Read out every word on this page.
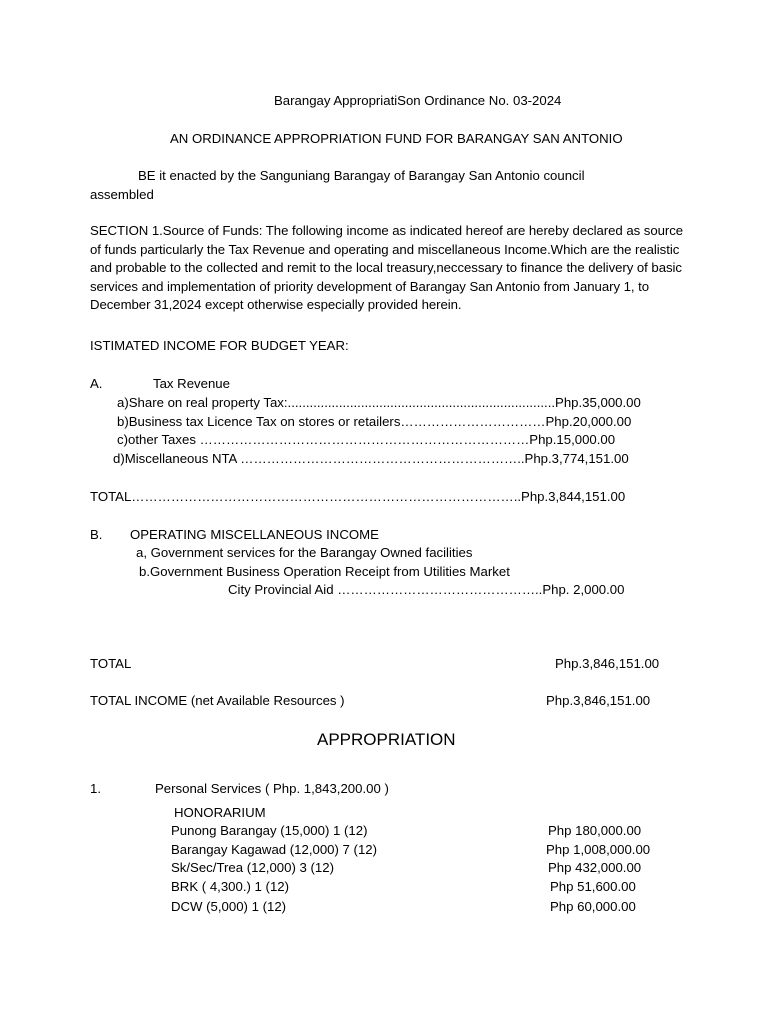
Barangay AppropriatiSon Ordinance No. 03-2024
AN ORDINANCE APPROPRIATION FUND FOR BARANGAY SAN ANTONIO
BE it enacted by the Sanguniang Barangay of Barangay San Antonio council assembled
SECTION 1.Source of Funds: The following income as indicated hereof are hereby declared as source of funds particularly the Tax Revenue and operating and miscellaneous Income.Which are the realistic and probable to the collected and remit to the local treasury,neccessary to finance the delivery of basic services and implementation of priority development of Barangay San Antonio from January 1, to December 31,2024 except otherwise especially provided herein.
ISTIMATED INCOME FOR BUDGET YEAR:
A.	Tax Revenue
a)Share on real property Tax:.........................................................................Php.35,000.00
b)Business tax Licence Tax on stores or retailers……………………………Php.20,000.00
c)other Taxes …………………………………………………………………Php.15,000.00
d)Miscellaneous NTA ………………………………………………………..Php.3,774,151.00
TOTAL……………………………………………………………………………..Php.3,844,151.00
B. OPERATING MISCELLANEOUS INCOME
a, Government services for the Barangay Owned facilities
b.Government Business Operation Receipt from Utilities Market
City Provincial Aid ………………………………………..Php. 2,000.00
TOTAL	Php.3,846,151.00
TOTAL INCOME (net Available Resources )	Php.3,846,151.00
APPROPRIATION
1.	Personal Services ( Php. 1,843,200.00 )
HONORARIUM
Punong Barangay (15,000) 1 (12)	Php 180,000.00
Barangay Kagawad (12,000) 7 (12)	Php 1,008,000.00
Sk/Sec/Trea (12,000) 3 (12)	Php 432,000.00
BRK ( 4,300.) 1 (12)	Php 51,600.00
DCW (5,000) 1 (12)	Php 60,000.00
